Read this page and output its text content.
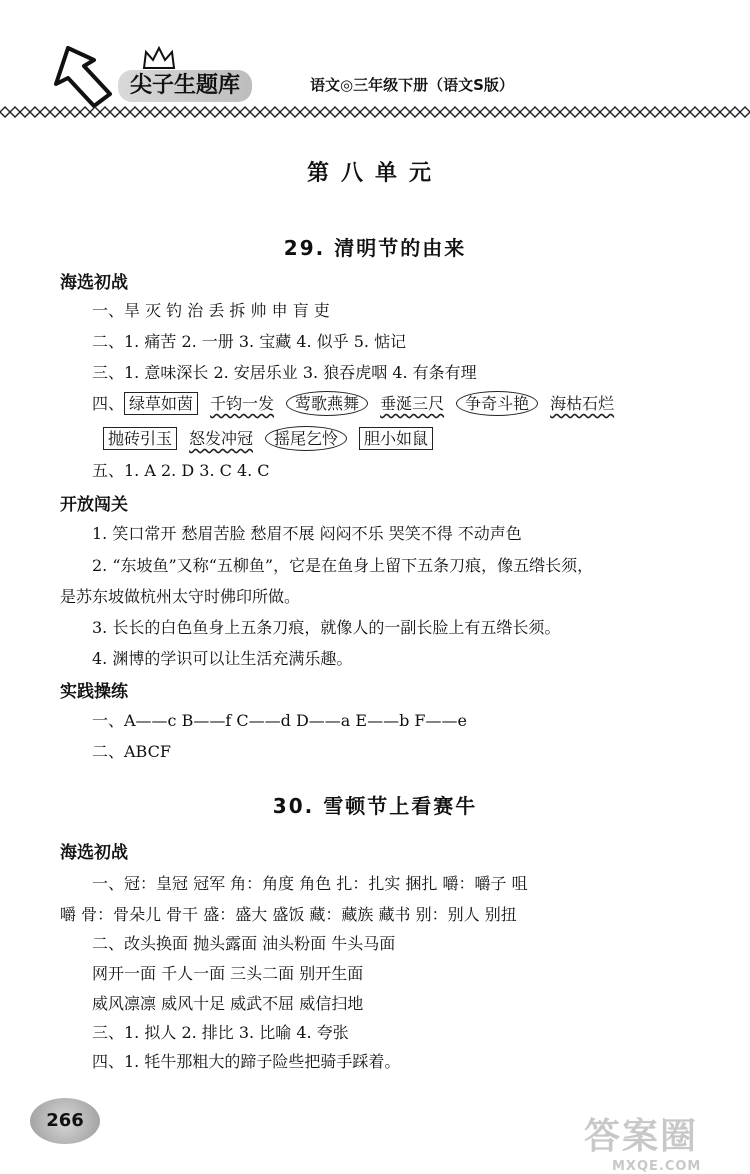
尖子生题库	语文◎三年级下册（语文S版）
第八单元
29. 清明节的由来
海选初战
一、旱 灭 钓 治 丢 拆 帅 申 肓 吏
二、1. 痛苦 2. 一册 3. 宝藏 4. 似乎 5. 惦记
三、1. 意味深长 2. 安居乐业 3. 狼吞虎咽 4. 有条有理
四、 绿草如茵 千钧一发 莺歌燕舞 垂涎三尺 争奇斗艳 海枯石烂
抛砖引玉 怒发冲冠 摇尾乞怜 胆小如鼠
五、1. A 2. D 3. C 4. C
开放闯关
1. 笑口常开 愁眉苦脸 愁眉不展 闷闷不乐 哭笑不得 不动声色
2. “东坡鱼”又称“五柳鱼”，它是在鱼身上留下五条刀痕，像五绺长须，
是苏东坡做杭州太守时佛印所做。
3. 长长的白色鱼身上五条刀痕，就像人的一副长脸上有五绺长须。
4. 渊博的学识可以让生活充满乐趣。
实践操练
一、A——c B——f C——d D——a E——b F——e
二、ABCF
30. 雪顿节上看赛牛
海选初战
一、冠：皇冠 冠军 角：角度 角色 扎：扎实 捆扎 嚼：嚼子 咀
嚼 骨：骨朵儿 骨干 盛：盛大 盛饭 藏：藏族 藏书 别：别人 别扭
二、改头换面 抛头露面 油头粉面 牛头马面
网开一面 千人一面 三头二面 别开生面
威风凛凛 威风十足 威武不屈 威信扫地
三、1. 拟人 2. 排比 3. 比喻 4. 夸张
四、1. 牦牛那粗大的蹄子险些把骑手踩着。
266	答案圈
MXQE.COM
